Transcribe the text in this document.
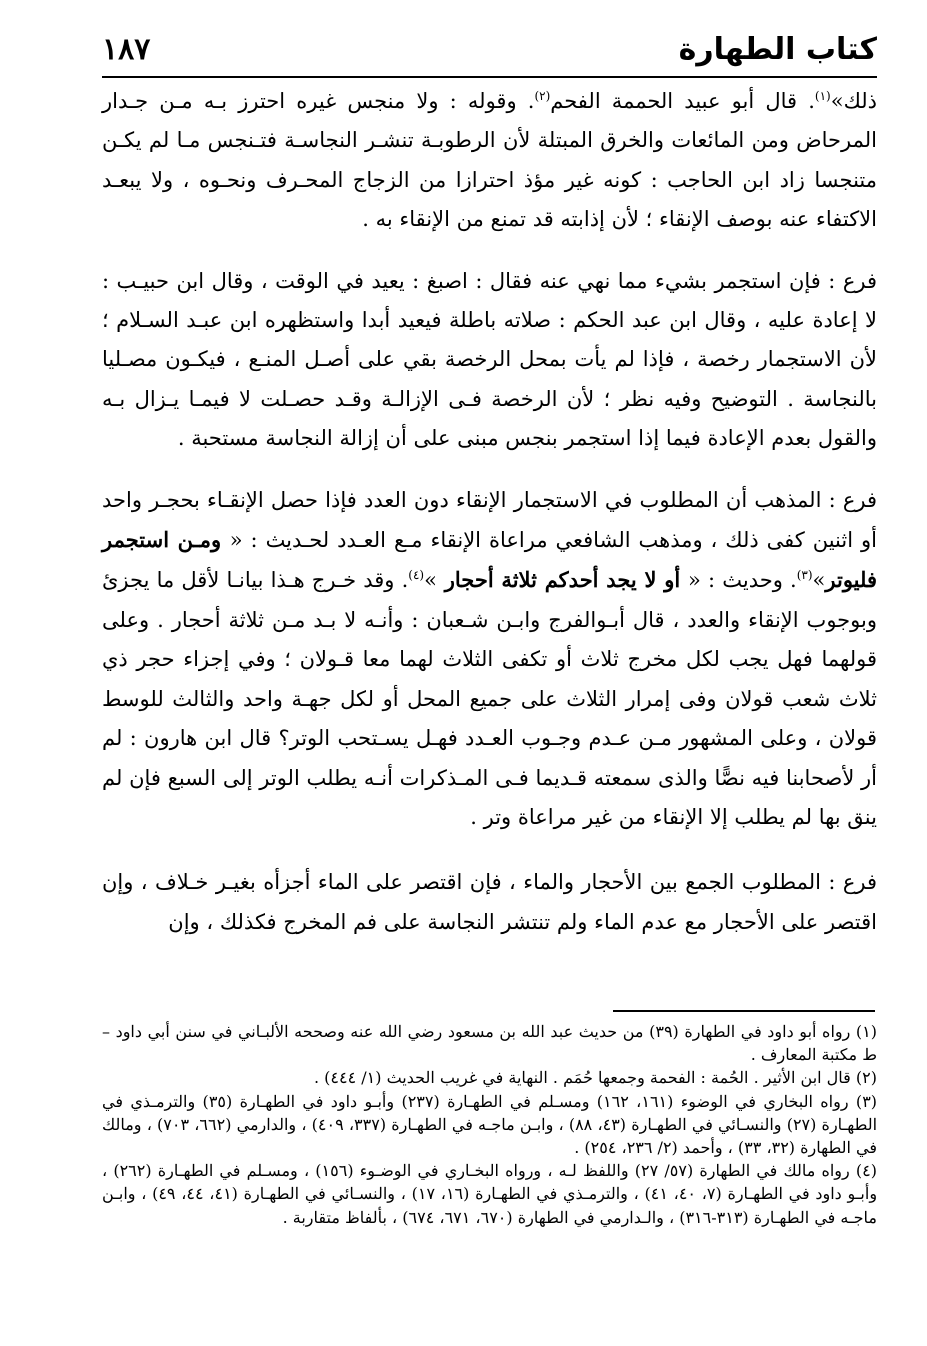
كتاب الطهارة
١٨٧

ذلك»$^{(١)}$. قال أبو عبيد الحممة الفحم$^{(٢)}$. وقوله : ولا منجس غيره احترز بـه مـن جـدار المرحاض ومن المائعات والخرق المبتلة لأن الرطوبـة تنشـر النجاسـة فتـنجس مـا لم يكـن متنجسا زاد ابن الحاجب : كونه غير مؤذ احترازا من الزجاج المحـرف ونحـوه ، ولا يبعـد الاكتفاء عنه بوصف الإنقاء ؛ لأن إذابته قد تمنع من الإنقاء به .

فرع : فإن استجمر بشيء مما نهي عنه فقال : اصبغ : يعيد في الوقت ، وقال ابن حبيـب : لا إعادة عليه ، وقال ابن عبد الحكم : صلاته باطلة فيعيد أبدا واستظهره ابن عبـد السـلام ؛ لأن الاستجمار رخصة ، فإذا لم يأت بمحل الرخصة بقي على أصـل المنـع ، فيكـون مصـليا بالنجاسة . التوضيح وفيه نظر ؛ لأن الرخصة فـى الإزالـة وقـد حصـلت لا فيمـا يـزال بـه والقول بعدم الإعادة فيما إذا استجمر بنجس مبنى على أن إزالة النجاسة مستحبة .

فرع : المذهب أن المطلوب في الاستجمار الإنقاء دون العدد فإذا حصل الإنقـاء بحجـر واحد أو اثنين كفى ذلك ، ومذهب الشافعي مراعاة الإنقاء مـع العـدد لحـديث : « ومـن استجمر فليوتر»$^{(٣)}$. وحديث : « أو لا يجد أحدكم ثلاثة أحجار »$^{(٤)}$. وقد خـرج هـذا بيانـا لأقل ما يجزئ وبوجوب الإنقاء والعدد ، قال أبـوالفرج وابـن شـعبان : وأنـه لا بـد مـن ثلاثة أحجار . وعلى قولهما فهل يجب لكل مخرج ثلاث أو تكفى الثلاث لهما معا قـولان ؛ وفي إجزاء حجر ذي ثلاث شعب قولان وفى إمرار الثلاث على جميع المحل أو لكل جهـة واحد والثالث للوسط قولان ، وعلى المشهور مـن عـدم وجـوب العـدد فهـل يسـتحب الوتر؟ قال ابن هارون : لم أر لأصحابنا فيه نصًّا والذى سمعته قـديما فـى المـذكرات أنـه يطلب الوتر إلى السبع فإن لم ينق بها لم يطلب إلا الإنقاء من غير مراعاة وتر .

فرع : المطلوب الجمع بين الأحجار والماء ، فإن اقتصر على الماء أجزأه بغيـر خـلاف ، وإن اقتصر على الأحجار مع عدم الماء ولم تنتشر النجاسة على فم المخرج فكذلك ، وإن

(١) رواه أبو داود في الطهارة (٣٩) من حديث عبد الله بن مسعود رضي الله عنه وصححه الألبـاني في سنن أبي داود – ط مكتبة المعارف .

(٢) قال ابن الأثير . الحُمة : الفحمة وجمعها حُمَم . النهاية في غريب الحديث (١/ ٤٤٤) .

(٣) رواه البخاري في الوضوء (١٦١، ١٦٢) ومسـلم في الطهـارة (٢٣٧) وأبـو داود في الطهـارة (٣٥) والترمـذي في الطهـارة (٢٧) والنسـائي في الطهـارة (٤٣، ٨٨) ، وابـن ماجـه في الطهـارة (٣٣٧، ٤٠٩) ، والدارمي (٦٦٢، ٧٠٣) ، ومالك في الطهارة (٣٢، ٣٣) ، وأحمد (٢/ ٢٣٦، ٢٥٤) .

(٤) رواه مالك في الطهارة (٥٧/ ٢٧) واللفظ لـه ، ورواه البخـاري في الوضـوء (١٥٦) ، ومسـلم في الطهـارة (٢٦٢) ، وأبـو داود في الطهـارة (٧، ٤٠، ٤١) ، والترمـذي في الطهـارة (١٦، ١٧) ، والنسـائي في الطهـارة (٤١، ٤٤، ٤٩) ، وابـن ماجـه في الطهـارة (٣١٣-٣١٦) ، والـدارمي في الطهارة (٦٧٠، ٦٧١، ٦٧٤) ، بألفاظ متقاربة .
